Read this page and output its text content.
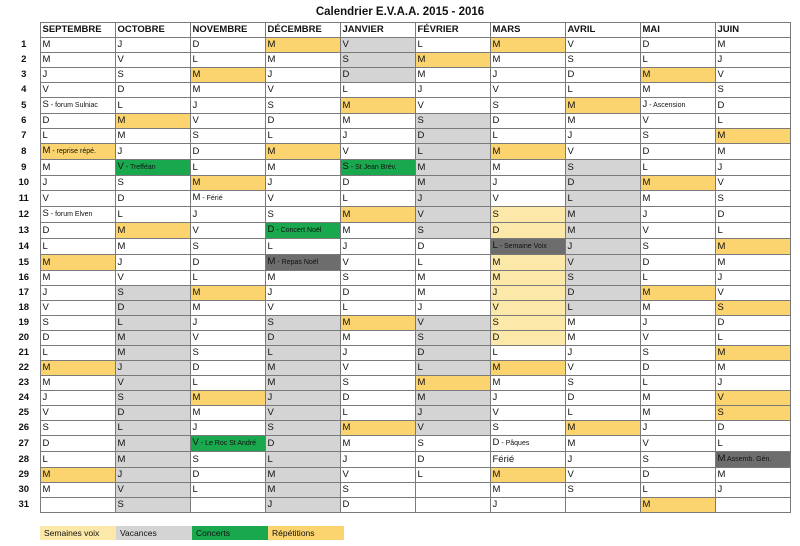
Calendrier E.V.A.A. 2015 - 2016
	SEPTEMBRE	OCTOBRE	NOVEMBRE	DÉCEMBRE	JANVIER	FÉVRIER	MARS	AVRIL	MAI	JUIN
1	M	J	D	M	V	L	M	V	D	M
2	M	V	L	M	S	M	M	S	L	J
3	J	S	M	J	D	M	J	D	M	V
4	V	D	M	V	L	J	V	L	M	S
5	S - forum Sulniac	L	J	S	M	V	S	M	J - Ascension	D
6	D	M	V	D	M	S	D	M	V	L
7	L	M	S	L	J	D	L	J	S	M
8	M - reprise répé.	J	D	M	V	L	M	V	D	M
9	M	V - Trefféan	L	M	S - St Jean Brév.	M	M	S	L	J
10	J	S	M	J	D	M	J	D	M	V
11	V	D	M - Férié	V	L	J	V	L	M	S
12	S - forum Elven	L	J	S	M	V	S	M	J	D
13	D	M	V	D - Concert Noël	M	S	D	M	V	L
14	L	M	S	L	J	D	L - Semaine Voix	J	S	M
15	M	J	D	M - Repas Noël	V	L	M	V	D	M
16	M	V	L	M	S	M	M	S	L	J
17	J	S	M	J	D	M	J	D	M	V
18	V	D	M	V	L	J	V	L	M	S
19	S	L	J	S	M	V	S	M	J	D
20	D	M	V	D	M	S	D	M	V	L
21	L	M	S	L	J	D	L	J	S	M
22	M	J	D	M	V	L	M	V	D	M
23	M	V	L	M	S	M	M	S	L	J
24	J	S	M	J	D	M	J	D	M	V
25	V	D	M	V	L	J	V	L	M	S
26	S	L	J	S	M	V	S	M	J	D
27	D	M	V - Le Roc St André	D	M	S	D - Pâques	M	V	L
28	L	M	S	L	J	D	Férié	J	S	M Assemb. Gén.
29	M	J	D	M	V	L	M	V	D	M
30	M	V	L	M	S		M	S	L	J
31		S		J	D		J		M	
Semaines voix	Vacances	Concerts	Répétitions
